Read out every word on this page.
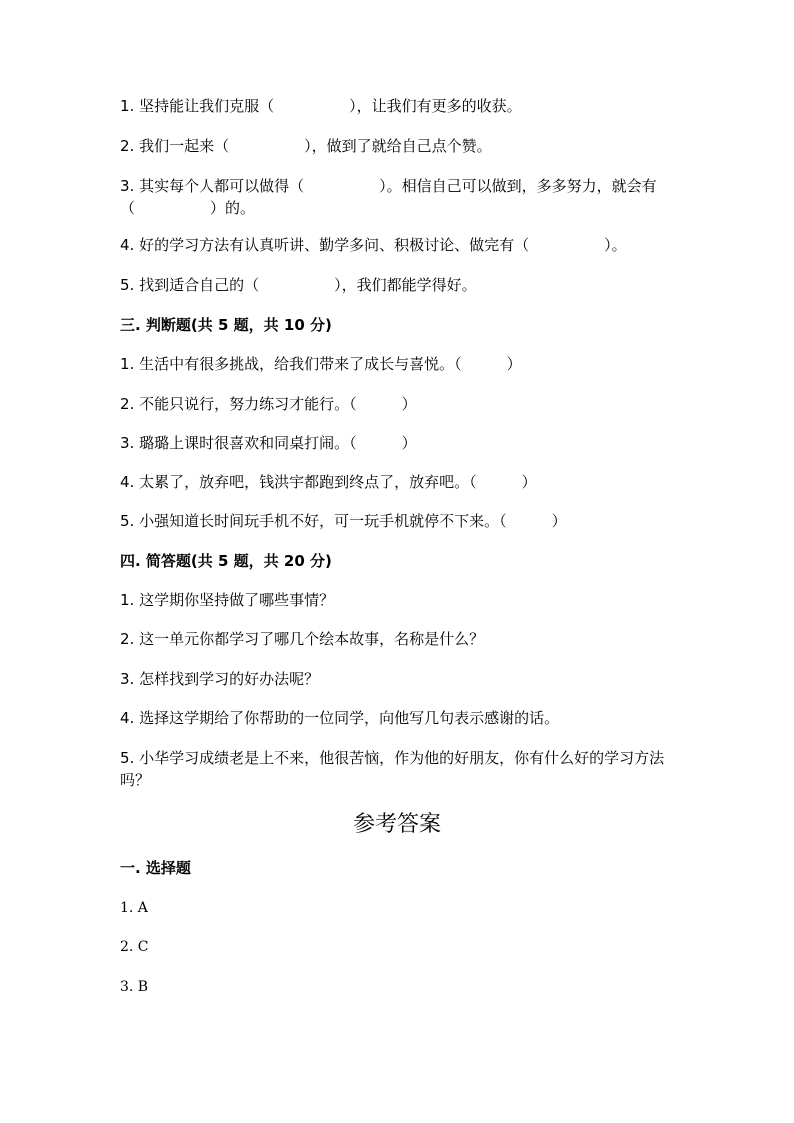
1. 坚持能让我们克服（　　　　　），让我们有更多的收获。
2. 我们一起来（　　　　　），做到了就给自己点个赞。
3. 其实每个人都可以做得（　　　　　）。相信自己可以做到，多多努力，就会有（　　　　　）的。
4. 好的学习方法有认真听讲、勤学多问、积极讨论、做完有（　　　　　）。
5. 找到适合自己的（　　　　　），我们都能学得好。
三. 判断题(共 5 题，共 10 分)
1. 生活中有很多挑战，给我们带来了成长与喜悦。（　　　）
2. 不能只说行，努力练习才能行。（　　　）
3. 璐璐上课时很喜欢和同桌打闹。（　　　）
4. 太累了，放弃吧，钱洪宇都跑到终点了，放弃吧。（　　　）
5. 小强知道长时间玩手机不好，可一玩手机就停不下来。（　　　）
四. 简答题(共 5 题，共 20 分)
1. 这学期你坚持做了哪些事情？
2. 这一单元你都学习了哪几个绘本故事，名称是什么？
3. 怎样找到学习的好办法呢？
4. 选择这学期给了你帮助的一位同学，向他写几句表示感谢的话。
5. 小华学习成绩老是上不来，他很苦恼，作为他的好朋友，你有什么好的学习方法吗？
参考答案
一. 选择题
1. A
2. C
3. B
